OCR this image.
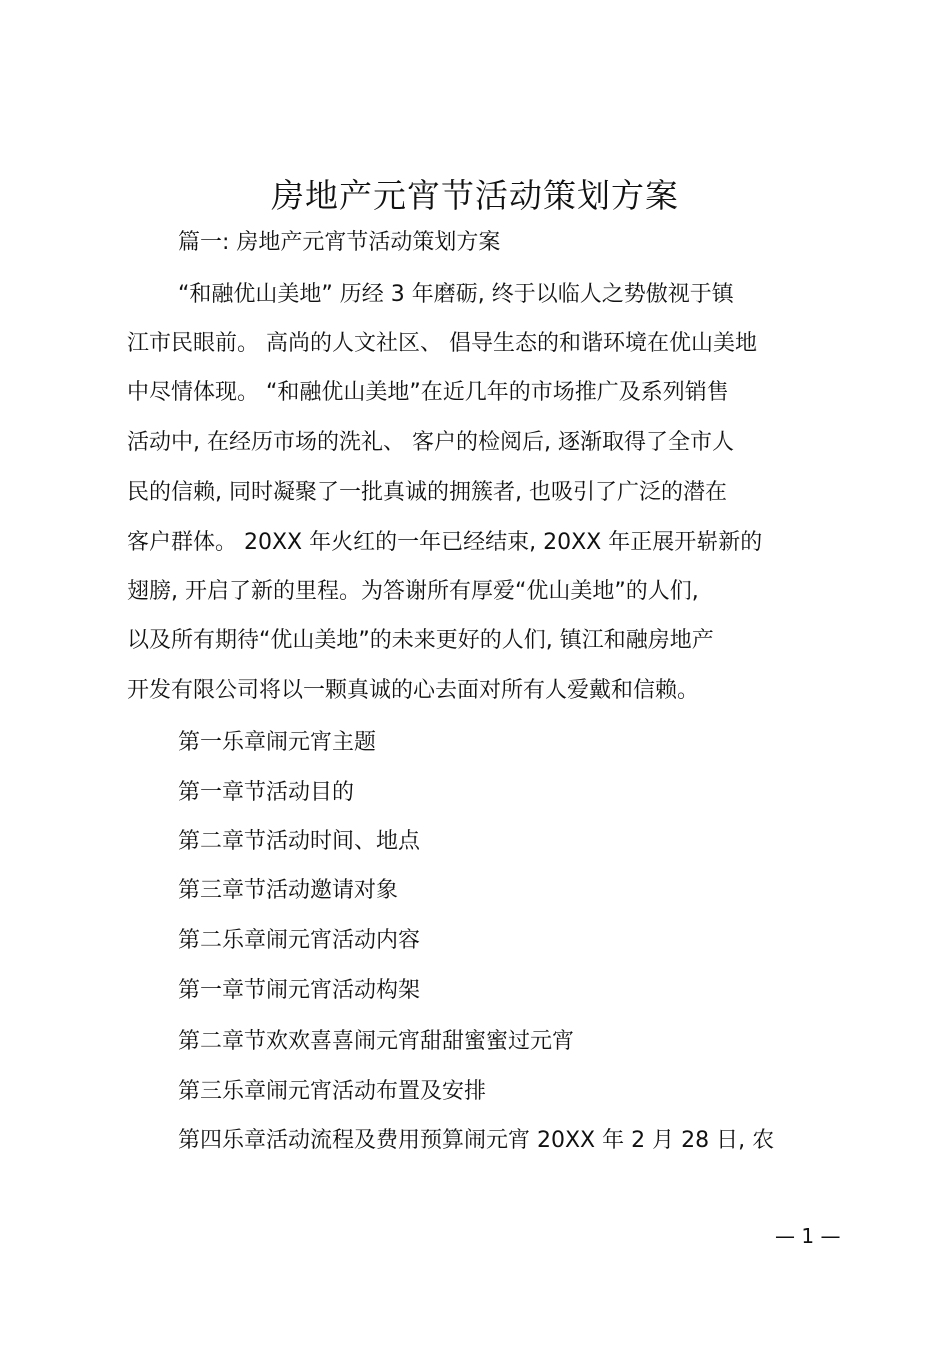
房地产元宵节活动策划方案

篇一: 房地产元宵节活动策划方案

“和融优山美地” 历经 3 年磨砺, 终于以临人之势傲视于镇

江市民眼前。 高尚的人文社区、 倡导生态的和谐环境在优山美地

中尽情体现。 “和融优山美地”在近几年的市场推广及系列销售

活动中, 在经历市场的洗礼、 客户的检阅后, 逐渐取得了全市人

民的信赖, 同时凝聚了一批真诚的拥簇者, 也吸引了广泛的潜在

客户群体。 20XX 年火红的一年已经结束, 20XX 年正展开崭新的

翅膀, 开启了新的里程。为答谢所有厚爱“优山美地”的人们,

以及所有期待“优山美地”的未来更好的人们, 镇江和融房地产

开发有限公司将以一颗真诚的心去面对所有人爱戴和信赖。

第一乐章闹元宵主题

第一章节活动目的

第二章节活动时间、地点

第三章节活动邀请对象

第二乐章闹元宵活动内容

第一章节闹元宵活动构架

第二章节欢欢喜喜闹元宵甜甜蜜蜜过元宵

第三乐章闹元宵活动布置及安排

第四乐章活动流程及费用预算闹元宵 20XX 年 2 月 28 日, 农

— 1 —
